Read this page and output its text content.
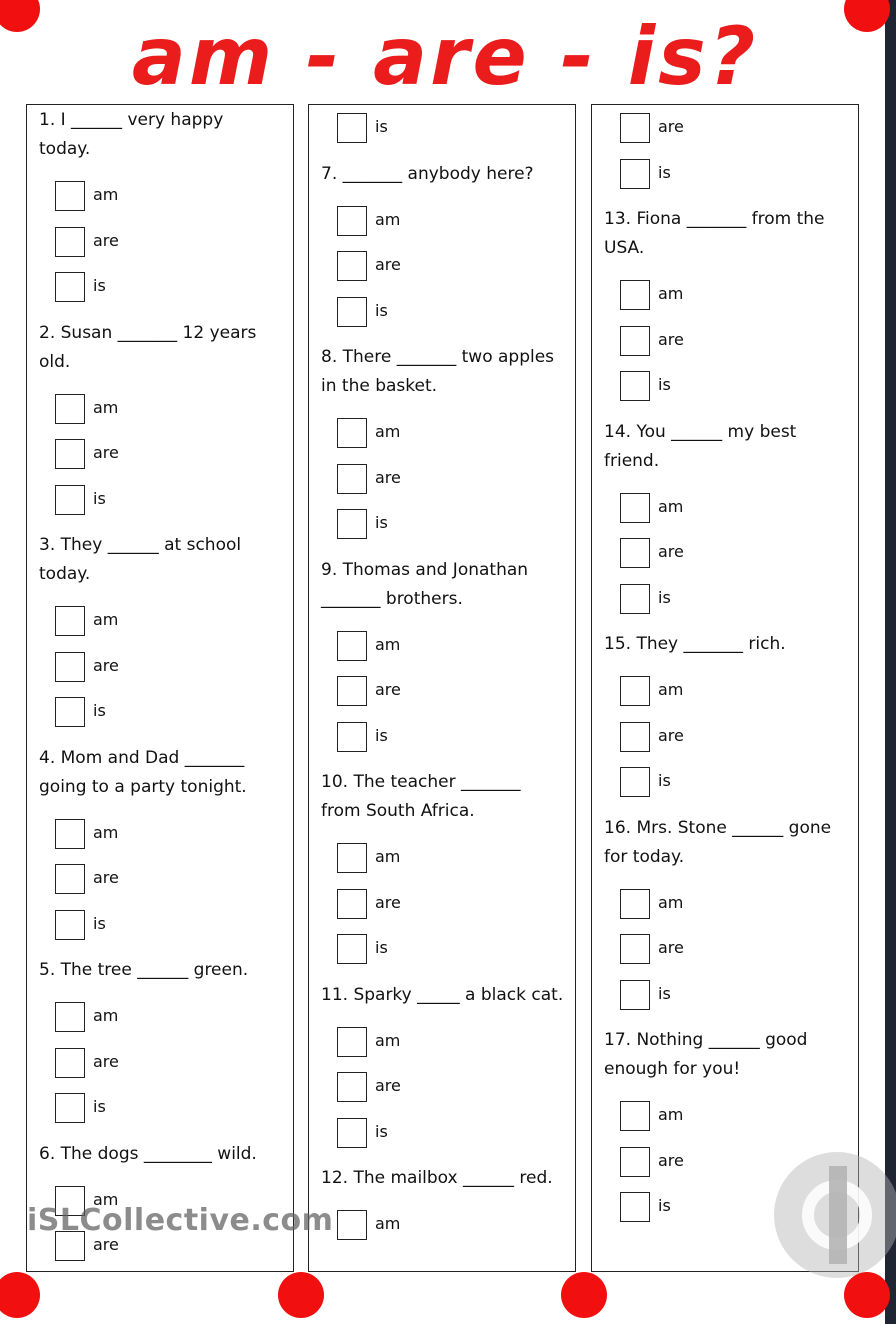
am - are - is?
1. I ______ very happy
today.
am
are
is
2. Susan _______ 12 years
old.
am
are
is
3. They ______ at school
today.
am
are
is
4. Mom and Dad _______
going to a party tonight.
am
are
is
5. The tree ______ green.
am
are
is
6. The dogs ________ wild.
am
are
is
7. _______ anybody here?
am
are
is
8. There _______ two apples
in the basket.
am
are
is
9. Thomas and Jonathan
_______ brothers.
am
are
is
10. The teacher _______
from South Africa.
am
are
is
11. Sparky _____ a black cat.
am
are
is
12. The mailbox ______ red.
am
are
is
13. Fiona _______ from the
USA.
am
are
is
14. You ______ my best
friend.
am
are
is
15. They _______ rich.
am
are
is
16. Mrs. Stone ______ gone
for today.
am
are
is
17. Nothing ______ good
enough for you!
am
are
is
iSLCollective.com
